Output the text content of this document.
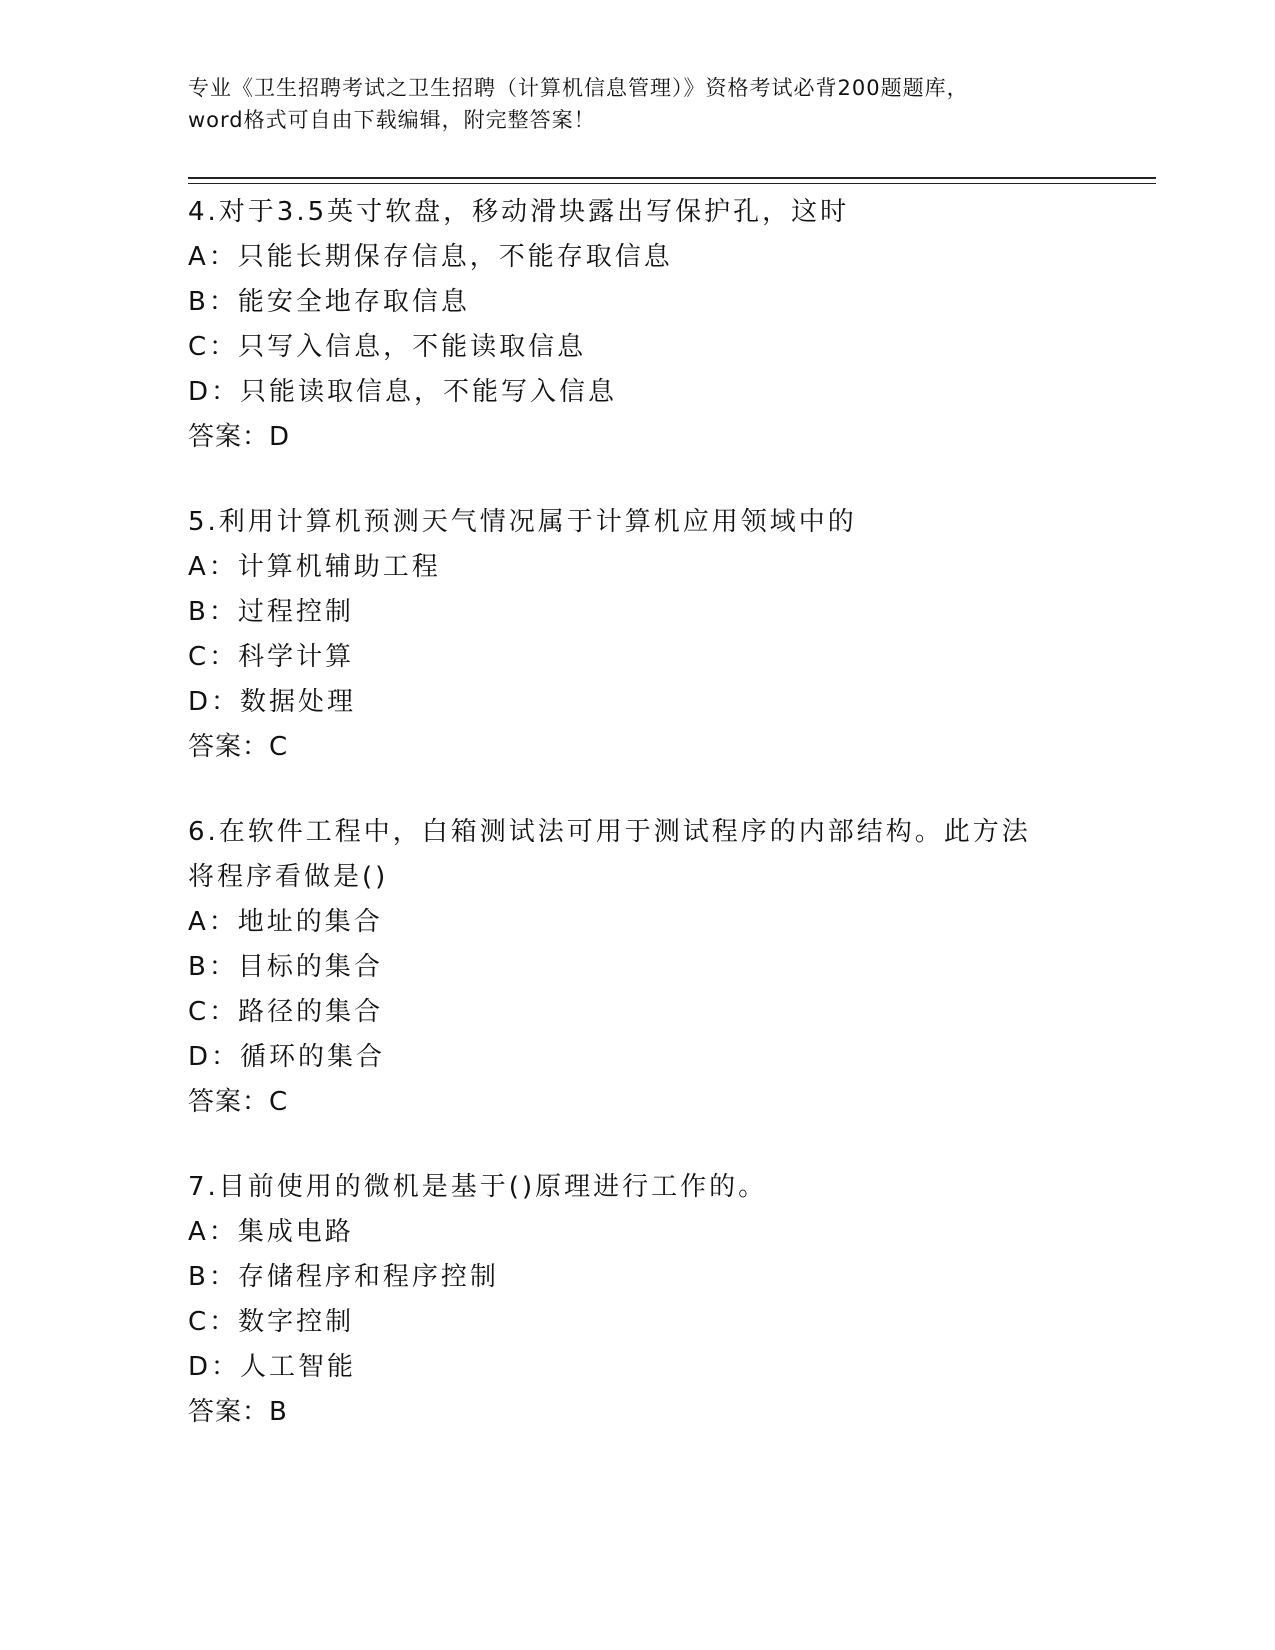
专业《卫生招聘考试之卫生招聘（计算机信息管理）》资格考试必背200题题库，
word格式可自由下载编辑，附完整答案！
4.对于3.5英寸软盘，移动滑块露出写保护孔，这时
A：只能长期保存信息，不能存取信息
B：能安全地存取信息
C：只写入信息，不能读取信息
D：只能读取信息，不能写入信息
答案：D
5.利用计算机预测天气情况属于计算机应用领域中的
A：计算机辅助工程
B：过程控制
C：科学计算
D：数据处理
答案：C
6.在软件工程中，白箱测试法可用于测试程序的内部结构。此方法将程序看做是()
A：地址的集合
B：目标的集合
C：路径的集合
D：循环的集合
答案：C
7.目前使用的微机是基于()原理进行工作的。
A：集成电路
B：存储程序和程序控制
C：数字控制
D：人工智能
答案：B
